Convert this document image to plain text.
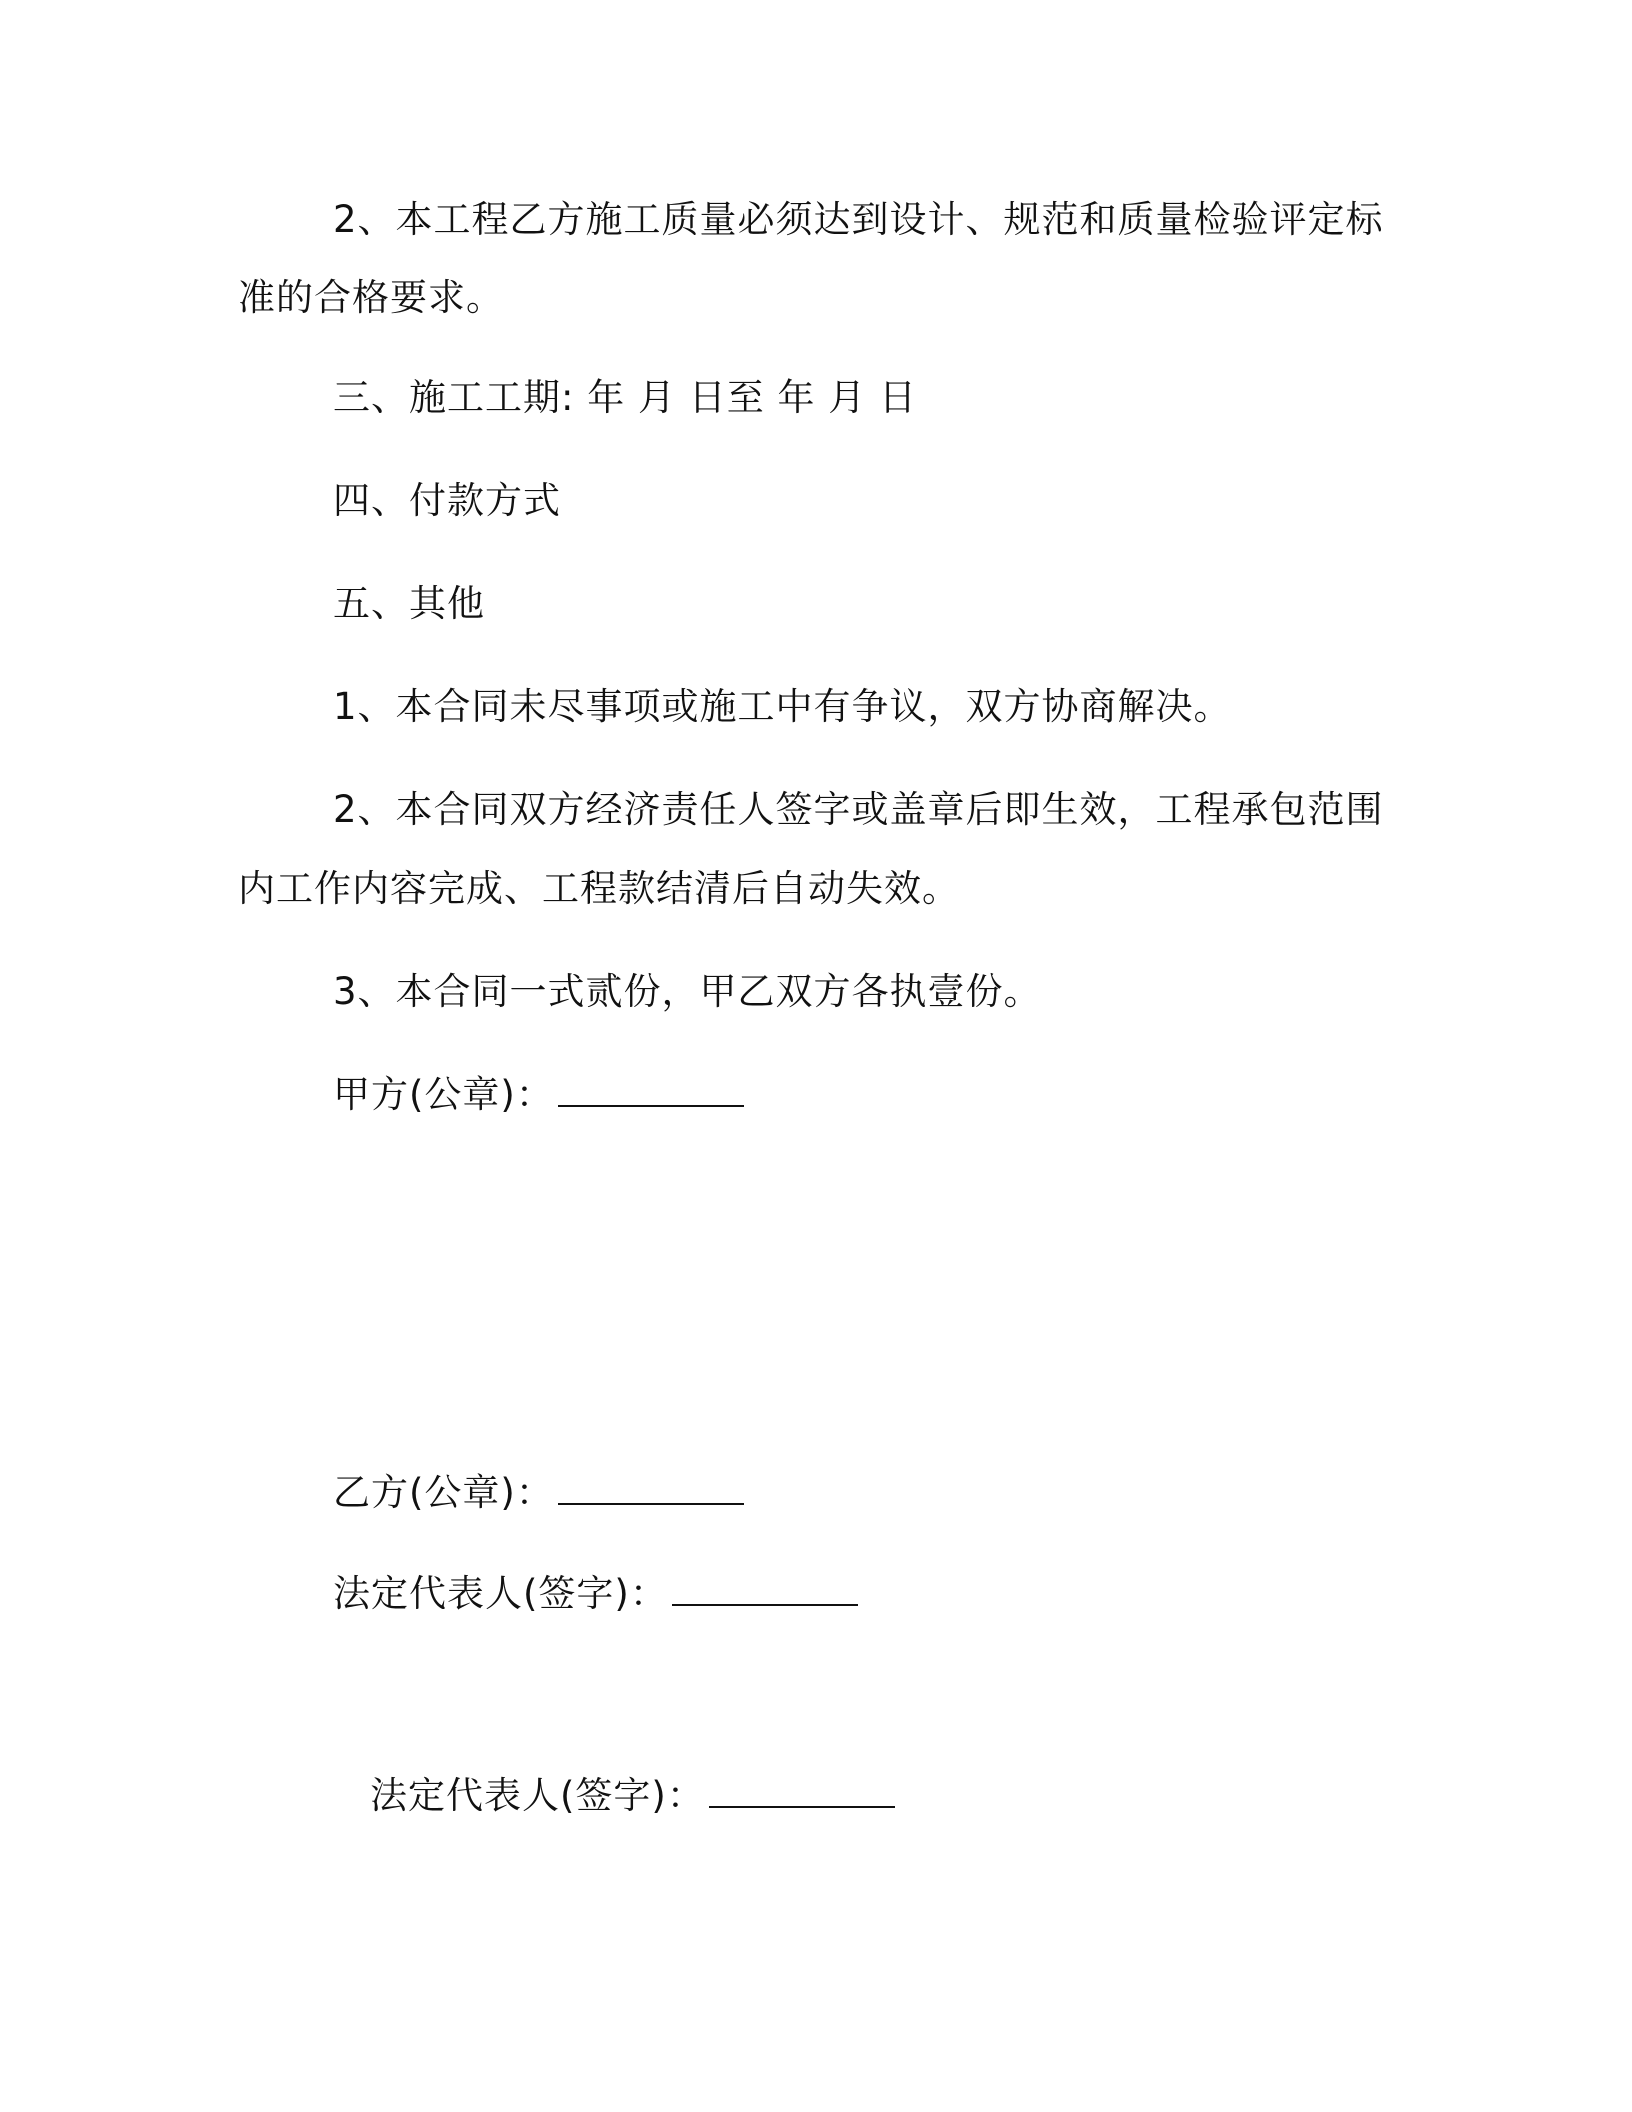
2、本工程乙方施工质量必须达到设计、规范和质量检验评定标
准的合格要求。
三、施工工期: 年 月 日至 年 月 日
四、付款方式
五、其他
1、本合同未尽事项或施工中有争议，双方协商解决。
2、本合同双方经济责任人签字或盖章后即生效，工程承包范围
内工作内容完成、工程款结清后自动失效。
3、本合同一式贰份，甲乙双方各执壹份。
甲方(公章)：
乙方(公章)：
法定代表人(签字)：
法定代表人(签字)：
